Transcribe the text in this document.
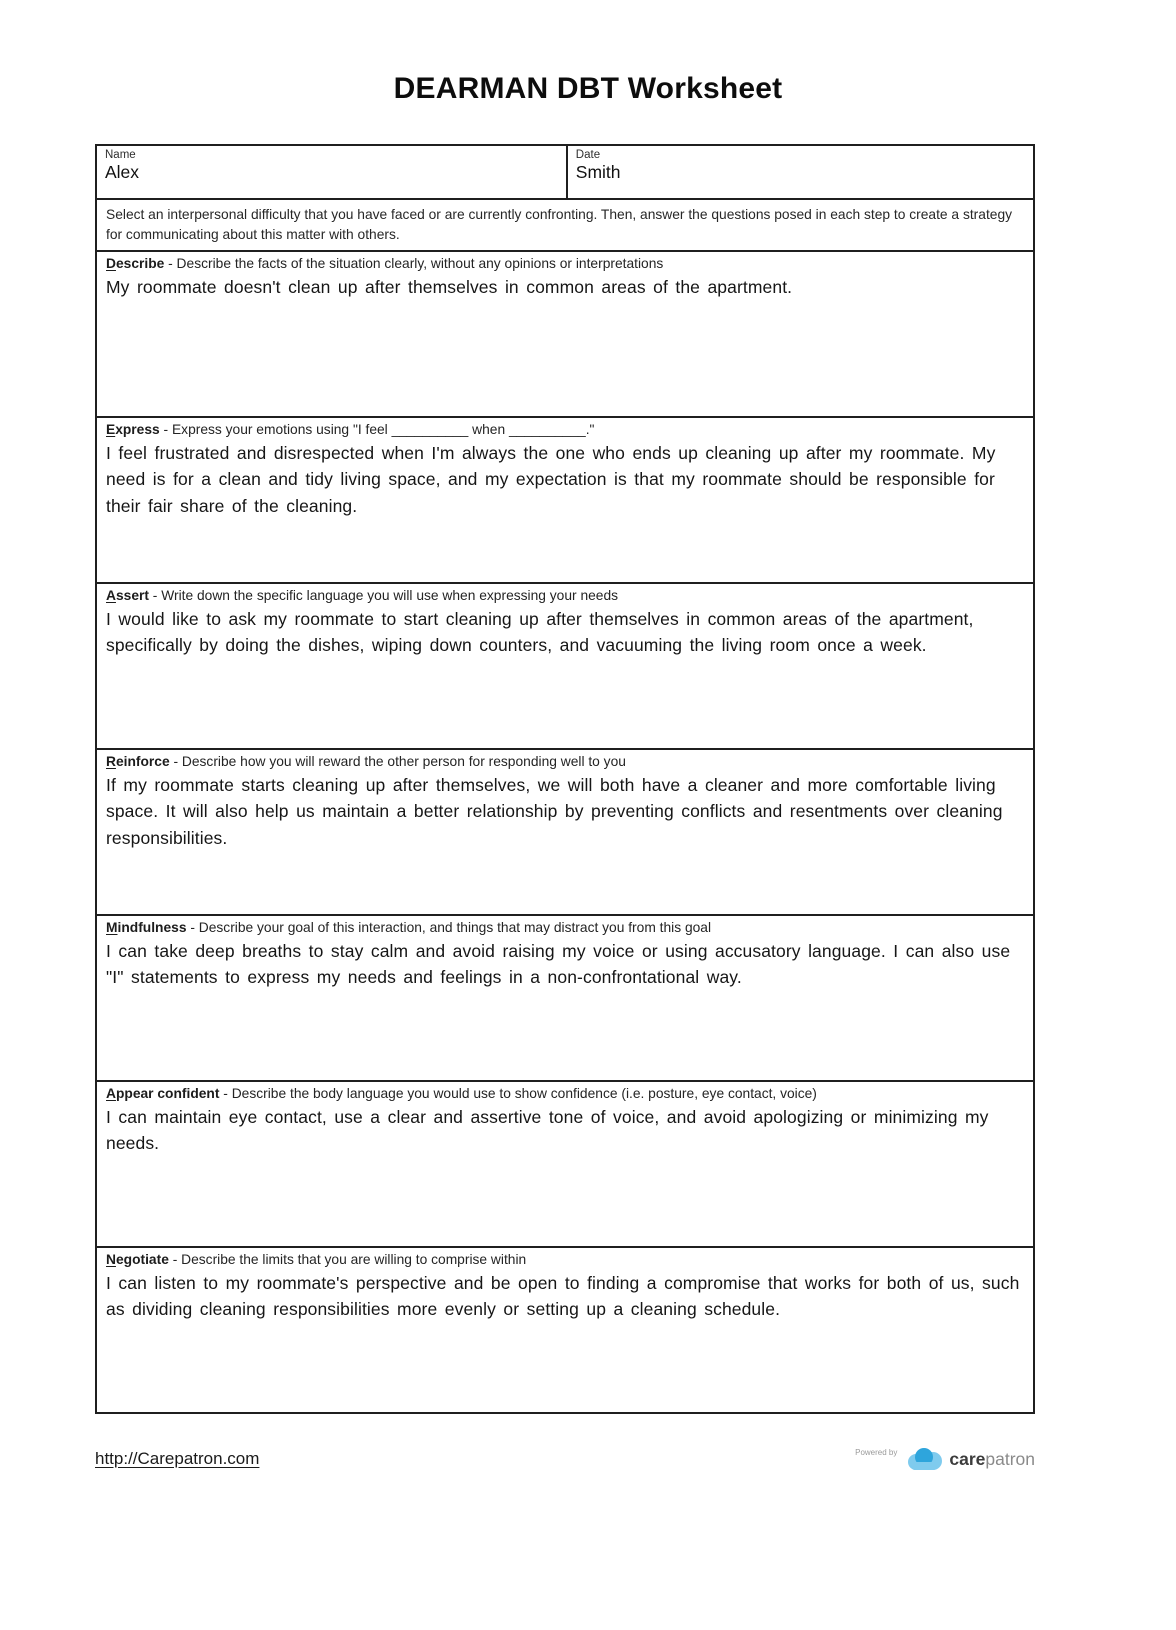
DEARMAN DBT Worksheet
Name
Alex
Date
Smith
Select an interpersonal difficulty that you have faced or are currently confronting. Then, answer the questions posed in each step to create a strategy for communicating about this matter with others.
Describe - Describe the facts of the situation clearly, without any opinions or interpretations
My roommate doesn't clean up after themselves in common areas of the apartment.
Express - Express your emotions using "I feel __________ when __________."
I feel frustrated and disrespected when I'm always the one who ends up cleaning up after my roommate. My need is for a clean and tidy living space, and my expectation is that my roommate should be responsible for their fair share of the cleaning.
Assert - Write down the specific language you will use when expressing your needs
I would like to ask my roommate to start cleaning up after themselves in common areas of the apartment, specifically by doing the dishes, wiping down counters, and vacuuming the living room once a week.
Reinforce - Describe how you will reward the other person for responding well to you
If my roommate starts cleaning up after themselves, we will both have a cleaner and more comfortable living space. It will also help us maintain a better relationship by preventing conflicts and resentments over cleaning responsibilities.
Mindfulness - Describe your goal of this interaction, and things that may distract you from this goal
I can take deep breaths to stay calm and avoid raising my voice or using accusatory language. I can also use "I" statements to express my needs and feelings in a non-confrontational way.
Appear confident - Describe the body language you would use to show confidence (i.e. posture, eye contact, voice)
I can maintain eye contact, use a clear and assertive tone of voice, and avoid apologizing or minimizing my needs.
Negotiate - Describe the limits that you are willing to comprise within
I can listen to my roommate's perspective and be open to finding a compromise that works for both of us, such as dividing cleaning responsibilities more evenly or setting up a cleaning schedule.
http://Carepatron.com	Powered by	carepatron
